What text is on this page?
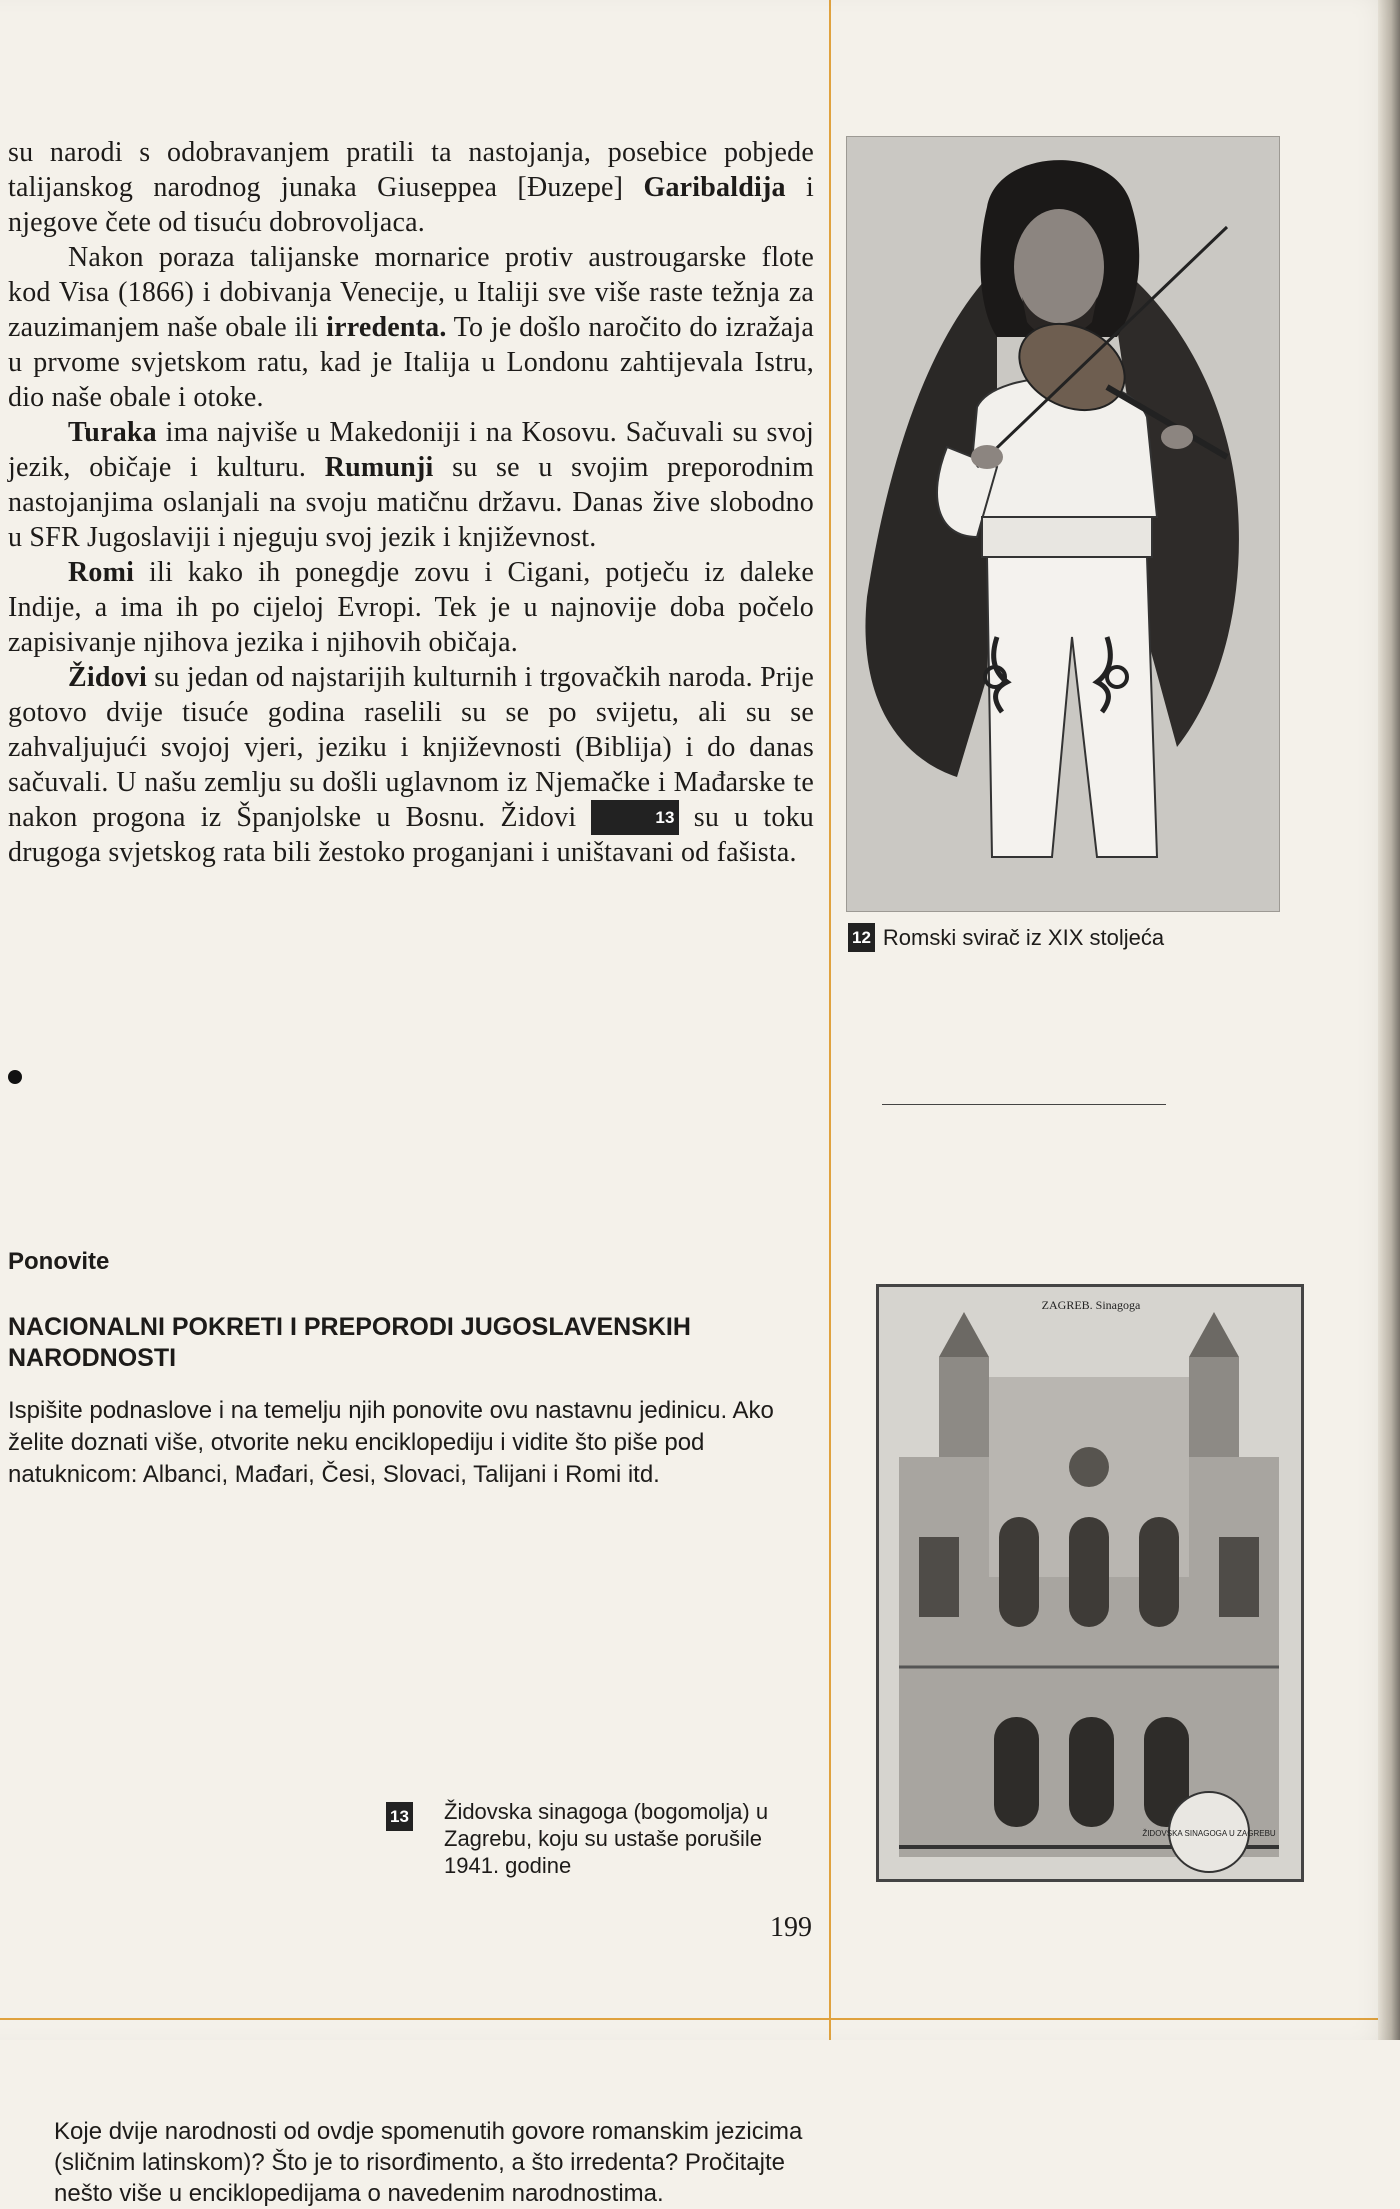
su narodi s odobravanjem pratili ta nastojanja, posebice pobjede talijanskog narodnog junaka Giuseppea [Đuzepe] Garibaldija i njegove čete od tisuću dobrovoljaca.

Nakon poraza talijanske mornarice protiv austrougarske flote kod Visa (1866) i dobivanja Venecije, u Italiji sve više raste težnja za zauzimanjem naše obale ili irredenta. To je došlo naročito do izražaja u prvome svjetskom ratu, kad je Italija u Londonu zahtijevala Istru, dio naše obale i otoke.

Turaka ima najviše u Makedoniji i na Kosovu. Sačuvali su svoj jezik, običaje i kulturu. Rumunji su se u svojim preporodnim nastojanjima oslanjali na svoju matičnu državu. Danas žive slobodno u SFR Jugoslaviji i njeguju svoj jezik i književnost.

Romi ili kako ih ponegdje zovu i Cigani, potječu iz daleke Indije, a ima ih po cijeloj Evropi. Tek je u najnovije doba počelo zapisivanje njihova jezika i njihovih običaja.

Židovi su jedan od najstarijih kulturnih i trgovačkih naroda. Prije gotovo dvije tisuće godina raselili su se po svijetu, ali su se zahvaljujući svojoj vjeri, jeziku i književnosti (Biblija) i do danas sačuvali. U našu zemlju su došli uglavnom iz Njemačke i Mađarske te nakon progona iz Španjolske u Bosnu. Židovi	13 su u toku drugoga svjetskog rata bili žestoko proganjani i uništavani od fašista.

Koje dvije narodnosti od ovdje spomenutih govore romanskim jezicima (sličnim latinskom)? Što je to risorđimento, a što irredenta? Pročitajte nešto više u enciklopedijama o navedenim narodnostima.
Ponovite
NACIONALNI POKRETI I PREPORODI JUGOSLAVENSKIH NARODNOSTI
Ispišite podnaslove i na temelju njih ponovite ovu nastavnu jedinicu. Ako želite doznati više, otvorite neku enciklopediju i vidite što piše pod natuknicom: Albanci, Mađari, Česi, Slovaci, Talijani i Romi itd.
12 Romski svirač iz XIX stoljeća
13 Židovska sinagoga (bogomolja) u Zagrebu, koju su ustaše porušile 1941. godine
ZAGREB. Sinagoga
ŽIDOVSKA SINAGOGA U ZAGREBU
199
